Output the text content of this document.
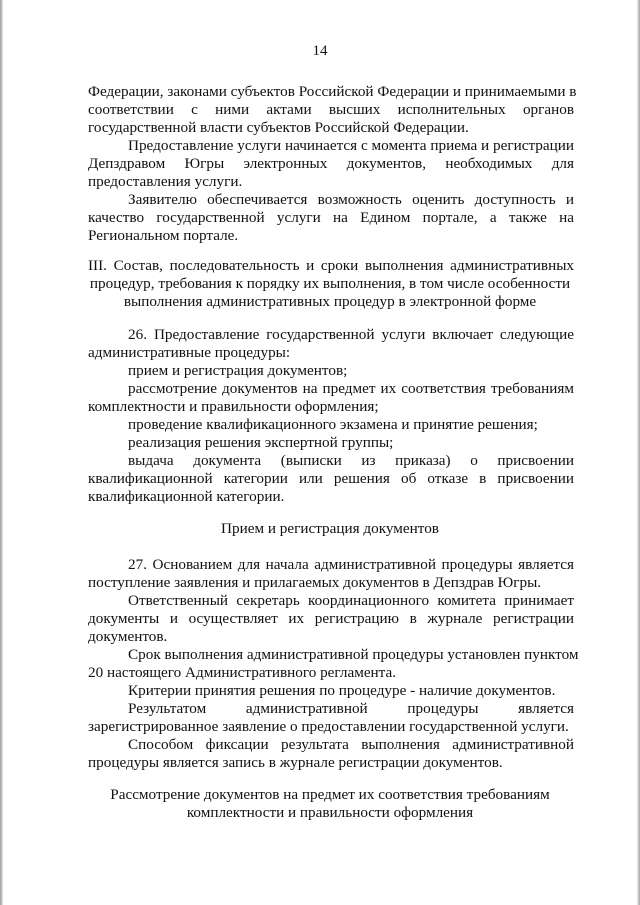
14
Федерации, законами субъектов Российской Федерации и принимаемыми в
соответствии с ними актами высших исполнительных органов
государственной власти субъектов Российской Федерации.
Предоставление услуги начинается с момента приема и регистрации
Депздравом Югры электронных документов, необходимых для
предоставления услуги.
Заявителю обеспечивается возможность оценить доступность и
качество государственной услуги на Едином портале, а также на
Региональном портале.
III. Состав, последовательность и сроки выполнения административных
процедур, требования к порядку их выполнения, в том числе особенности
выполнения административных процедур в электронной форме
26. Предоставление государственной услуги включает следующие
административные процедуры:
прием и регистрация документов;
рассмотрение документов на предмет их соответствия требованиям
комплектности и правильности оформления;
проведение квалификационного экзамена и принятие решения;
реализация решения экспертной группы;
выдача документа (выписки из приказа) о присвоении
квалификационной категории или решения об отказе в присвоении
квалификационной категории.
Прием и регистрация документов
27. Основанием для начала административной процедуры является
поступление заявления и прилагаемых документов в Депздрав Югры.
Ответственный секретарь координационного комитета принимает
документы и осуществляет их регистрацию в журнале регистрации
документов.
Срок выполнения административной процедуры установлен пунктом
20 настоящего Административного регламента.
Критерии принятия решения по процедуре - наличие документов.
Результатом административной процедуры является
зарегистрированное заявление о предоставлении государственной услуги.
Способом фиксации результата выполнения административной
процедуры является запись в журнале регистрации документов.
Рассмотрение документов на предмет их соответствия требованиям
комплектности и правильности оформления
